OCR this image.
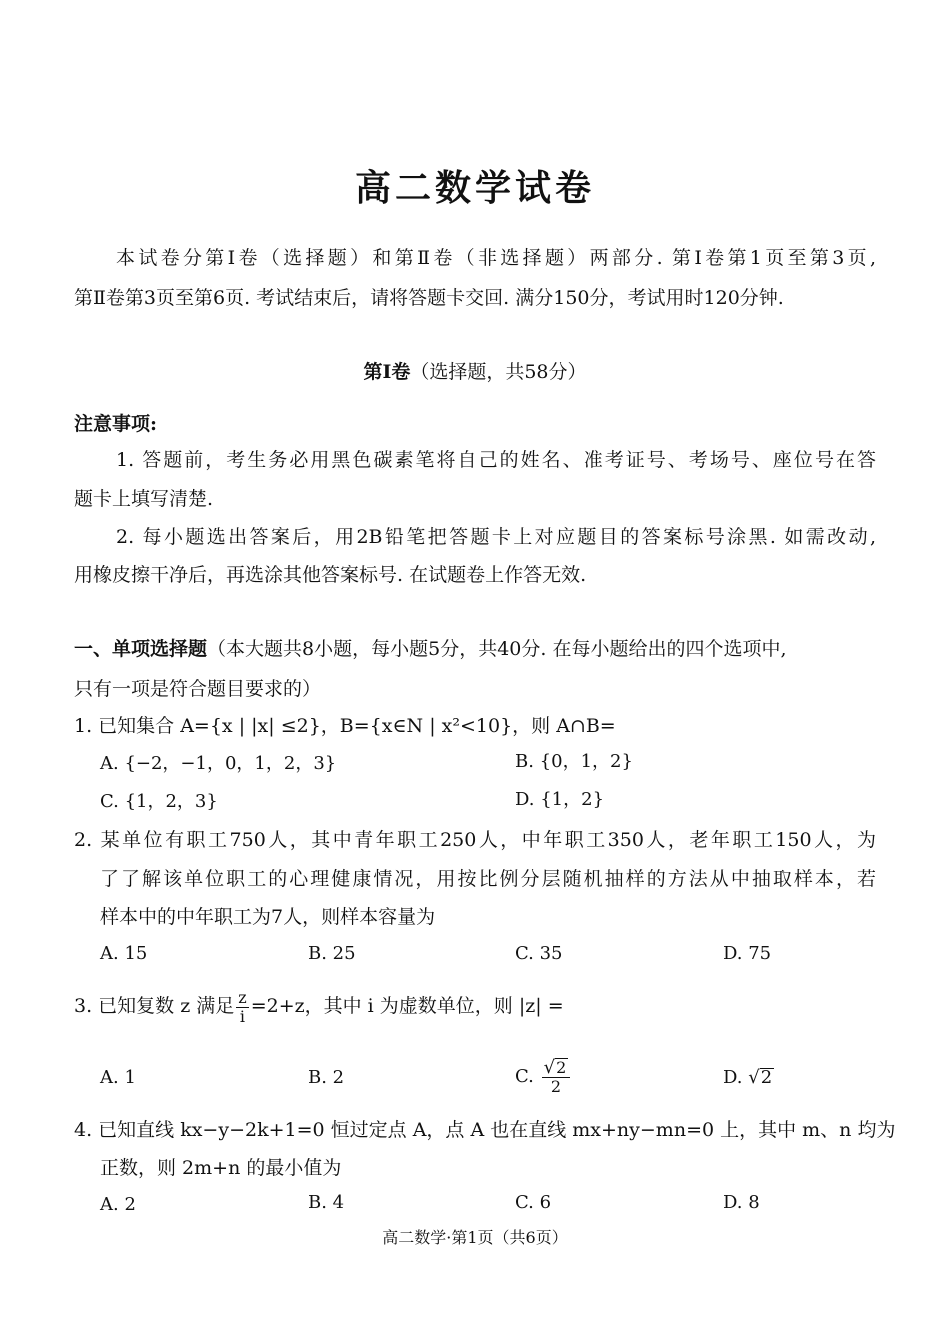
高二数学试卷
本试卷分第Ⅰ卷（选择题）和第Ⅱ卷（非选择题）两部分. 第Ⅰ卷第1页至第3页,
第Ⅱ卷第3页至第6页. 考试结束后，请将答题卡交回. 满分150分，考试用时120分钟.
第Ⅰ卷（选择题，共58分）
注意事项:
1. 答题前，考生务必用黑色碳素笔将自己的姓名、准考证号、考场号、座位号在答
题卡上填写清楚.
2. 每小题选出答案后，用2B铅笔把答题卡上对应题目的答案标号涂黑. 如需改动,
用橡皮擦干净后，再选涂其他答案标号. 在试题卷上作答无效.
一、单项选择题（本大题共8小题，每小题5分，共40分. 在每小题给出的四个选项中,
只有一项是符合题目要求的）
1. 已知集合 A={x | |x| ≤2}，B={x∈N | x²<10}，则 A∩B=
A. {−2，−1，0，1，2，3}	B. {0，1，2}
C. {1，2，3}	D. {1，2}
2. 某单位有职工750人，其中青年职工250人，中年职工350人，老年职工150人，为
了了解该单位职工的心理健康情况，用按比例分层随机抽样的方法从中抽取样本，若
样本中的中年职工为7人，则样本容量为
A. 15	B. 25	C. 35	D. 75
3. 已知复数 z 满足 $\frac{z}{i} =2+z$，其中 i 为虚数单位，则 |z| =
A. 1	B. 2	C. $\frac{√2}{2}$	D. √2
4. 已知直线 kx−y−2k+1=0 恒过定点 A，点 A 也在直线 mx+ny−mn=0 上，其中 m、n 均为
正数，则 2m+n 的最小值为
A. 2	B. 4	C. 6	D. 8
高二数学·第1页（共6页）
